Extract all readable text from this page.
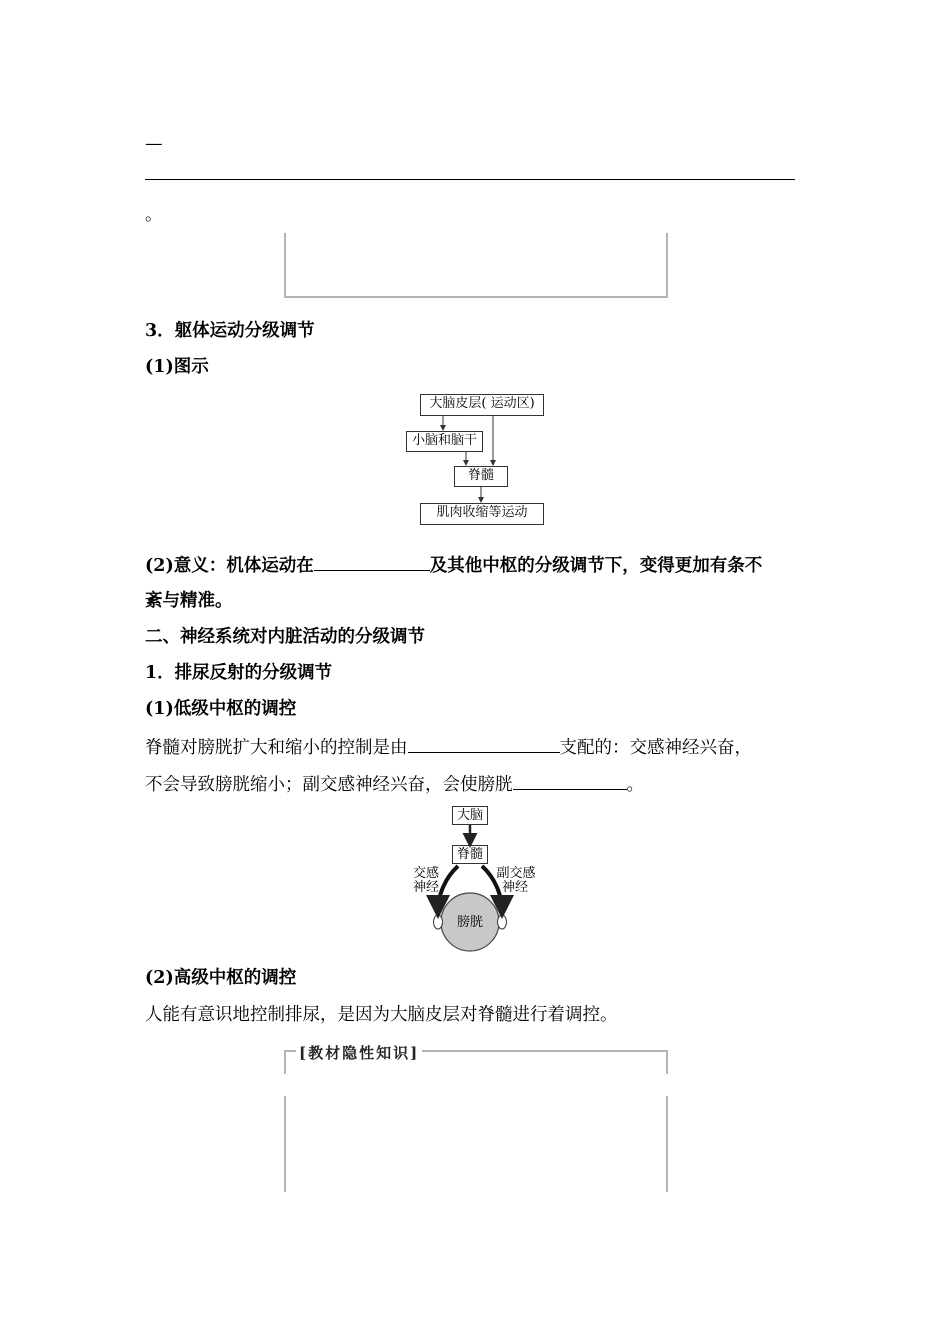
—
。
3．躯体运动分级调节
(1)图示
大脑皮层( 运动区)
小脑和脑干
脊髓
肌肉收缩等运动
(2)意义：机体运动在	及其他中枢的分级调节下，变得更加有条不
紊与精准。
二、神经系统对内脏活动的分级调节
1．排尿反射的分级调节
(1)低级中枢的调控
脊髓对膀胱扩大和缩小的控制是由	支配的：交感神经兴奋，
不会导致膀胱缩小；副交感神经兴奋，会使膀胱	。
大脑
脊髓
交感
神经
副交感
神经
膀胱
(2)高级中枢的调控
人能有意识地控制排尿，是因为大脑皮层对脊髓进行着调控。
[教材隐性知识]
